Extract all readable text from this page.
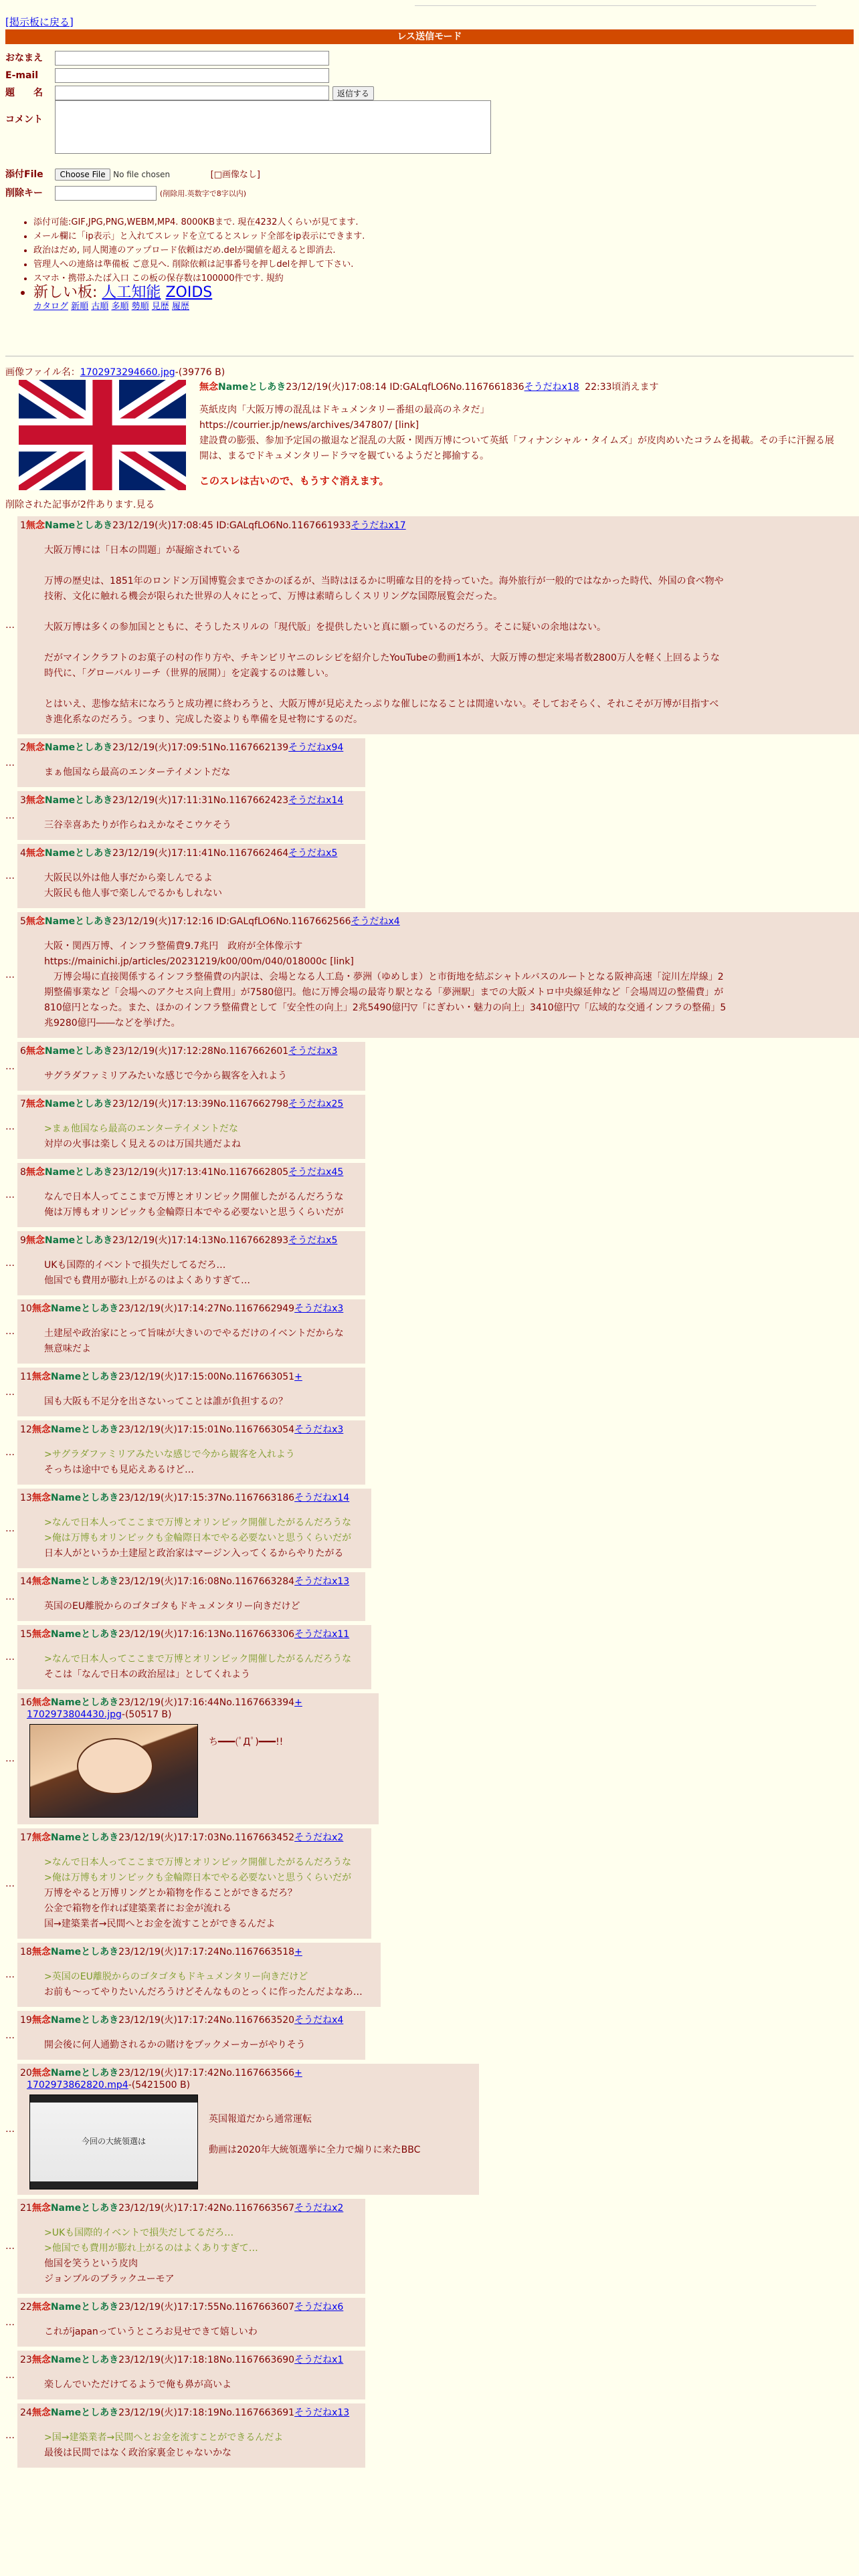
[掲示板に戻る]
レス送信モード
おなまえ
E-mail
題　　名	返信する
コメント
添付File Choose File No file chosen	[□画像なし]
削除キー	(削除用.英数字で8字以内)
• 添付可能:GIF,JPG,PNG,WEBM,MP4. 8000KBまで. 現在4232人くらいが見てます.
• メール欄に「ip表示」と入れてスレッドを立てるとスレッド全部をip表示にできます.
• 政治はだめ, 同人関連のアップロード依頼はだめ.delが閾値を超えると即消去.
• 管理人への連絡は準備板 ご意見へ. 削除依頼は記事番号を押しdelを押して下さい.
• スマホ・携帯ふたば入口 この板の保存数は100000件です. 規約
• 新しい板: 人工知能 ZOIDS
カタログ 新順 古順 多順 勢順 見歴 履歴
画像ファイル名：1702973294660.jpg-(39776 B)
無念Nameとしあき23/12/19(火)17:08:14 ID:GALqfLO6No.1167661836そうだねx18 22:33頃消えます
英紙皮肉「大阪万博の混乱はドキュメンタリー番組の最高のネタだ」
https://courrier.jp/news/archives/347807/ [link]
建設費の膨張、参加予定国の撤退など混乱の大阪・関西万博について英紙「フィナンシャル・タイムズ」が皮肉めいたコラムを掲載。その手に汗握る展開は、まるでドキュメンタリードラマを観ているようだと揶揄する。
このスレは古いので、もうすぐ消えます。
削除された記事が2件あります.見る
…
1無念Nameとしあき23/12/19(火)17:08:45 ID:GALqfLO6No.1167661933そうだねx17
大阪万博には「日本の問題」が凝縮されている
万博の歴史は、1851年のロンドン万国博覧会までさかのぼるが、当時はほるかに明確な目的を持っていた。海外旅行が一般的ではなかった時代、外国の食べ物や
技術、文化に触れる機会が限られた世界の人々にとって、万博は素晴らしくスリリングな国際展覧会だった。
大阪万博は多くの参加国とともに、そうしたスリルの「現代版」を提供したいと真に願っているのだろう。そこに疑いの余地はない。
だがマインクラフトのお菓子の村の作り方や、チキンビリヤニのレシピを紹介したYouTubeの動画1本が、大阪万博の想定来場者数2800万人を軽く上回るような
時代に、「グローバルリーチ（世界的展開）」を定義するのは難しい。
とはいえ、悲惨な結末になろうと成功裡に終わろうと、大阪万博が見応えたっぷりな催しになることは間違いない。そしておそらく、それこそが万博が目指すべ
き進化系なのだろう。つまり、完成した姿よりも準備を見せ物にするのだ。
…
2無念Nameとしあき23/12/19(火)17:09:51No.1167662139そうだねx94
まぁ他国なら最高のエンターテイメントだな
…
3無念Nameとしあき23/12/19(火)17:11:31No.1167662423そうだねx14
三谷幸喜あたりが作らねえかなそこウケそう
…
4無念Nameとしあき23/12/19(火)17:11:41No.1167662464そうだねx5
大阪民以外は他人事だから楽しんでるよ
大阪民も他人事で楽しんでるかもしれない
…
5無念Nameとしあき23/12/19(火)17:12:16 ID:GALqfLO6No.1167662566そうだねx4
大阪・関西万博、インフラ整備費9.7兆円　政府が全体像示す
https://mainichi.jp/articles/20231219/k00/00m/040/018000c [link]
　万博会場に直接関係するインフラ整備費の内訳は、会場となる人工島・夢洲（ゆめしま）と市街地を結ぶシャトルバスのルートとなる阪神高速「淀川左岸線」2
期整備事業など「会場へのアクセス向上費用」が7580億円。他に万博会場の最寄り駅となる「夢洲駅」までの大阪メトロ中央線延伸など「会場周辺の整備費」が
810億円となった。また、ほかのインフラ整備費として「安全性の向上」2兆5490億円▽「にぎわい・魅力の向上」3410億円▽「広域的な交通インフラの整備」5
兆9280億円――などを挙げた。
…
6無念Nameとしあき23/12/19(火)17:12:28No.1167662601そうだねx3
サグラダファミリアみたいな感じで今から観客を入れよう
…
7無念Nameとしあき23/12/19(火)17:13:39No.1167662798そうだねx25
>まぁ他国なら最高のエンターテイメントだな
対岸の火事は楽しく見えるのは万国共通だよね
…
8無念Nameとしあき23/12/19(火)17:13:41No.1167662805そうだねx45
なんで日本人ってここまで万博とオリンピック開催したがるんだろうな
俺は万博もオリンピックも金輪際日本でやる必要ないと思うくらいだが
…
9無念Nameとしあき23/12/19(火)17:14:13No.1167662893そうだねx5
UKも国際的イベントで損失だしてるだろ…
他国でも費用が膨れ上がるのはよくありすぎて…
…
10無念Nameとしあき23/12/19(火)17:14:27No.1167662949そうだねx3
土建屋や政治家にとって旨味が大きいのでやるだけのイベントだからな
無意味だよ
…
11無念Nameとしあき23/12/19(火)17:15:00No.1167663051+
国も大阪も不足分を出さないってことは誰が負担するの？
…
12無念Nameとしあき23/12/19(火)17:15:01No.1167663054そうだねx3
>サグラダファミリアみたいな感じで今から観客を入れよう
そっちは途中でも見応えあるけど…
…
13無念Nameとしあき23/12/19(火)17:15:37No.1167663186そうだねx14
>なんで日本人ってここまで万博とオリンピック開催したがるんだろうな
>俺は万博もオリンピックも金輪際日本でやる必要ないと思うくらいだが
日本人がというか土建屋と政治家はマージン入ってくるからやりたがる
…
14無念Nameとしあき23/12/19(火)17:16:08No.1167663284そうだねx13
英国のEU離脱からのゴタゴタもドキュメンタリー向きだけど
…
15無念Nameとしあき23/12/19(火)17:16:13No.1167663306そうだねx11
>なんで日本人ってここまで万博とオリンピック開催したがるんだろうな
そこは「なんで日本の政治屋は」としてくれよう
…
16無念Nameとしあき23/12/19(火)17:16:44No.1167663394+
1702973804430.jpg-(50517 B)
ち━━━(ﾟДﾟ)━━━!!
…
17無念Nameとしあき23/12/19(火)17:17:03No.1167663452そうだねx2
>なんで日本人ってここまで万博とオリンピック開催したがるんだろうな
>俺は万博もオリンピックも金輪際日本でやる必要ないと思うくらいだが
万博をやると万博リングとか箱物を作ることができるだろ？
公金で箱物を作れば建築業者にお金が流れる
国→建築業者→民間へとお金を流すことができるんだよ
…
18無念Nameとしあき23/12/19(火)17:17:24No.1167663518+
>英国のEU離脱からのゴタゴタもドキュメンタリー向きだけど
お前も〜ってやりたいんだろうけどそんなものとっくに作ったんだよなあ…
…
19無念Nameとしあき23/12/19(火)17:17:24No.1167663520そうだねx4
開会後に何人通勤されるかの賭けをブックメーカーがやりそう
…
20無念Nameとしあき23/12/19(火)17:17:42No.1167663566+
1702973862820.mp4-(5421500 B)
今回の大統領選は
英国報道だから通常運転
動画は2020年大統領選挙に全力で煽りに来たBBC
…
21無念Nameとしあき23/12/19(火)17:17:42No.1167663567そうだねx2
>UKも国際的イベントで損失だしてるだろ…
>他国でも費用が膨れ上がるのはよくありすぎて…
他国を笑うという皮肉
ジョンブルのブラックユーモア
…
22無念Nameとしあき23/12/19(火)17:17:55No.1167663607そうだねx6
これがjapanっていうところお見せできて嬉しいわ
…
23無念Nameとしあき23/12/19(火)17:18:18No.1167663690そうだねx1
楽しんでいただけてるようで俺も鼻が高いよ
…
24無念Nameとしあき23/12/19(火)17:18:19No.1167663691そうだねx13
>国→建築業者→民間へとお金を流すことができるんだよ
最後は民間ではなく政治家裏金じゃないかな
